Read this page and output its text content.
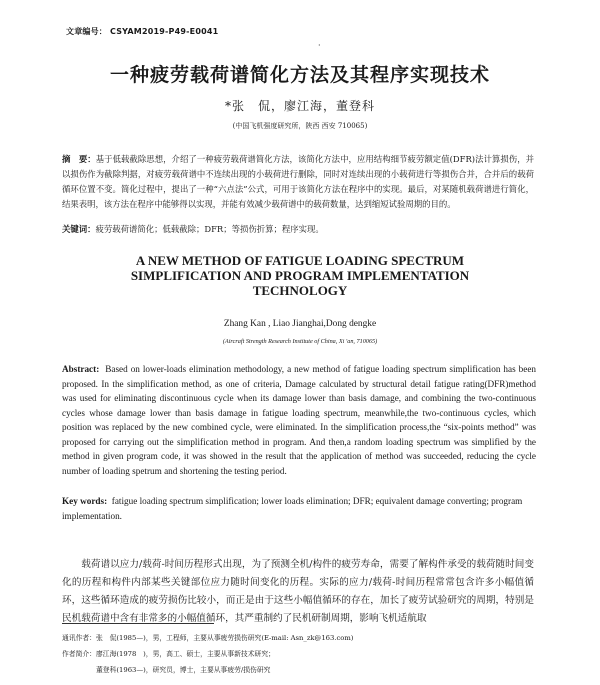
文章编号： CSYAM2019-P49-E0041
·
一种疲劳载荷谱简化方法及其程序实现技术
*张　侃，廖江海，董登科
(中国飞机强度研究所，陕西 西安 710065)
摘　要：基于低载截除思想，介绍了一种疲劳载荷谱简化方法，该简化方法中，应用结构细节疲劳额定值(DFR)法计算损伤，并以损伤作为截除判据，对疲劳载荷谱中不连续出现的小载荷进行删除，同时对连续出现的小载荷进行等损伤合并，合并后的载荷循环位置不变。简化过程中，提出了一种“六点法”公式，可用于该简化方法在程序中的实现。最后，对某随机载荷谱进行简化，结果表明，该方法在程序中能够得以实现，并能有效减少载荷谱中的载荷数量，达到缩短试验周期的目的。
关键词：疲劳载荷谱简化；低载截除；DFR；等损伤折算；程序实现。
A NEW METHOD OF FATIGUE LOADING SPECTRUM
SIMPLIFICATION AND PROGRAM IMPLEMENTATION
TECHNOLOGY
Zhang Kan , Liao Jianghai,Dong dengke
(Aircraft Strength Research Institute of China, Xi 'an, 710065)
Abstract: Based on lower-loads elimination methodology, a new method of fatigue loading spectrum simplification has been proposed. In the simplification method, as one of criteria, Damage calculated by structural detail fatigue rating(DFR)method was used for eliminating discontinuous cycle when its damage lower than basis damage, and combining the two-continuous cycles whose damage lower than basis damage in fatigue loading spectrum, meanwhile,the two-continuous cycles, which position was replaced by the new combined cycle, were eliminated. In the simplification process,the “six-points method” was proposed for carrying out the simplification method in program. And then,a random loading spectrum was simplified by the method in given program code, it was showed in the result that the application of method was succeeded, reducing the cycle number of loading spetrum and shortening the testing period.
Key words: fatigue loading spectrum simplification; lower loads elimination; DFR; equivalent damage converting; program implementation.
载荷谱以应力/载荷-时间历程形式出现，为了预测全机/构件的疲劳寿命，需要了解构件承受的载荷随时间变化的历程和构件内部某些关键部位应力随时间变化的历程。实际的应力/载荷-时间历程常常包含许多小幅值循环，这些循环造成的疲劳损伤比较小，而正是由于这些小幅值循环的存在，加长了疲劳试验研究的周期，特别是民机载荷谱中含有非常多的小幅值循环，其严重制约了民机研制周期，影响飞机适航取
通讯作者：张　侃(1985—)，男，工程师，主要从事疲劳损伤研究(E-mail: Asn_zk@163.com)
作者简介：廖江海(1978　)，男，高工、硕士，主要从事新技术研究；
董登科(1963—)，研究员，博士，主要从事疲劳/损伤研究
